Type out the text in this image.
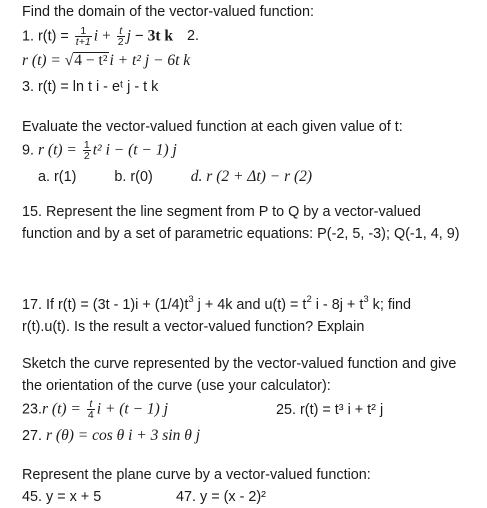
Find the domain of the vector-valued function:
1. $r(t) = \frac{1}{t+1}$ $i + \frac{t}{2}$ j − 3t k 2.
r (t) = √4 − t² i + t² j − 6t k
3. r(t) = ln t i - eᵗ j - t k
Evaluate the vector-valued function at each given value of t:
9. r $(t) = \frac{1}{2} t^2$ i − (t − 1) j
a. r(1)	b. r(0) d. r (2 + Δt) − r (2)
15. Represent the line segment from P to Q by a vector-valued function and by a set of parametric equations: P(-2, 5, -3); Q(-1, 4, 9)
17. If $r(t) = (3t - 1)i + (1/4)t^3$ j + 4k and $u(t) = t^2$ $i - 8j + t^3$ k; find
r(t).u(t). Is the result a vector-valued function? Explain
Sketch the curve represented by the vector-valued function and give the orientation of the curve (use your calculator):
23.r $(t) = \frac{t}{4}$ i + (t − 1) j	25. r(t) = t³ i + t² j
27. r (θ) = cos θ i + 3 sin θ j
Represent the plane curve by a vector-valued function:
45. y = x + 5	47. y = (x - 2)²
